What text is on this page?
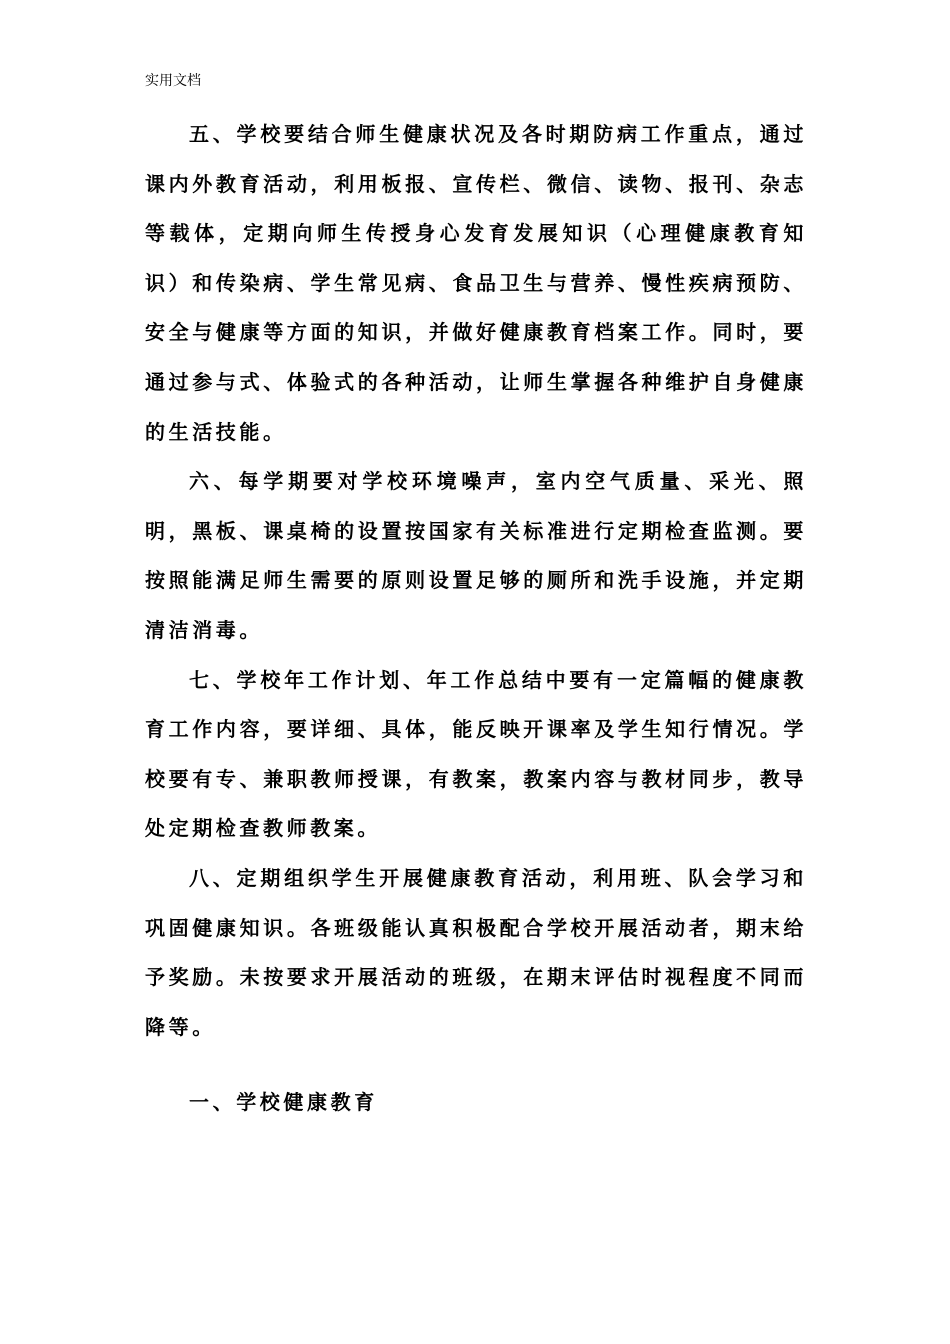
实用文档

五、学校要结合师生健康状况及各时期防病工作重点，通过课内外教育活动，利用板报、宣传栏、微信、读物、报刊、杂志等载体，定期向师生传授身心发育发展知识（心理健康教育知识）和传染病、学生常见病、食品卫生与营养、慢性疾病预防、安全与健康等方面的知识，并做好健康教育档案工作。同时，要通过参与式、体验式的各种活动，让师生掌握各种维护自身健康的生活技能。

六、每学期要对学校环境噪声，室内空气质量、采光、照明，黑板、课桌椅的设置按国家有关标准进行定期检查监测。要按照能满足师生需要的原则设置足够的厕所和洗手设施，并定期清洁消毒。

七、学校年工作计划、年工作总结中要有一定篇幅的健康教育工作内容，要详细、具体，能反映开课率及学生知行情况。学校要有专、兼职教师授课，有教案，教案内容与教材同步，教导处定期检查教师教案。

八、定期组织学生开展健康教育活动，利用班、队会学习和巩固健康知识。各班级能认真积极配合学校开展活动者，期末给予奖励。未按要求开展活动的班级，在期末评估时视程度不同而降等。

一、学校健康教育
